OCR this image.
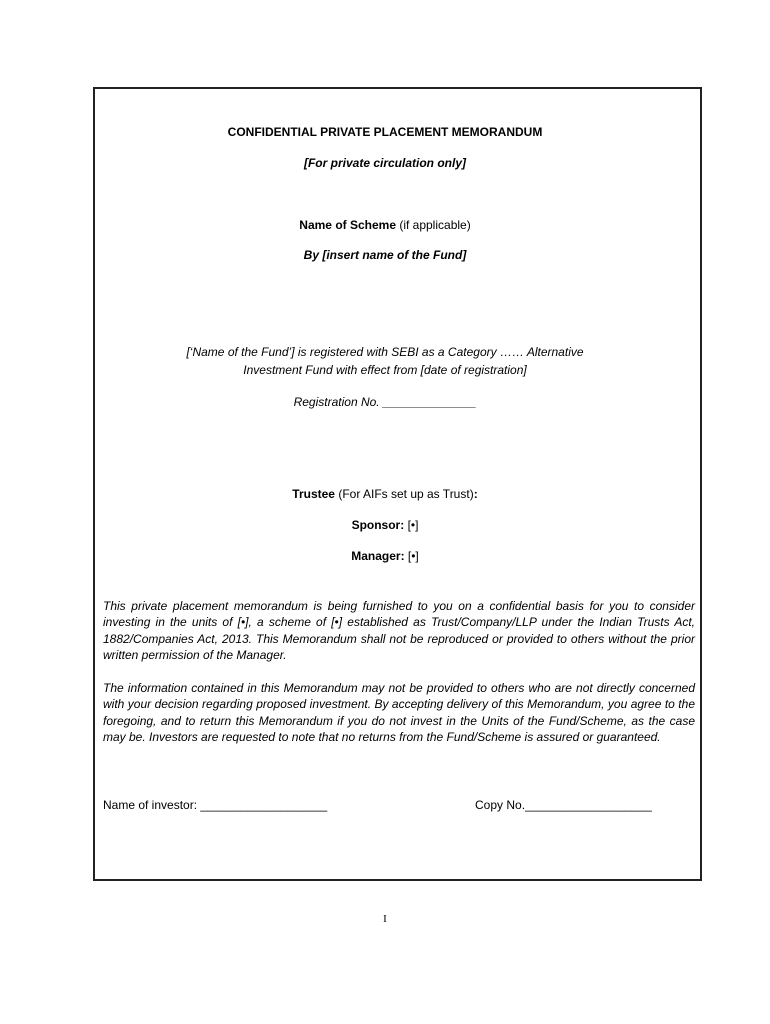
CONFIDENTIAL PRIVATE PLACEMENT MEMORANDUM
[For private circulation only]
Name of Scheme (if applicable)
By [insert name of the Fund]
[‘Name of the Fund’] is registered with SEBI as a Category …… Alternative
Investment Fund with effect from [date of registration]
Registration No. ______________
Trustee (For AIFs set up as Trust):
Sponsor: [•]
Manager: [•]

This private placement memorandum is being furnished to you on a confidential basis for you to consider investing in the units of [•], a scheme of [•] established as Trust/Company/LLP under the Indian Trusts Act, 1882/Companies Act, 2013. This Memorandum shall not be reproduced or provided to others without the prior written permission of the Manager.

The information contained in this Memorandum may not be provided to others who are not directly concerned with your decision regarding proposed investment. By accepting delivery of this Memorandum, you agree to the foregoing, and to return this Memorandum if you do not invest in the Units of the Fund/Scheme, as the case may be. Investors are requested to note that no returns from the Fund/Scheme is assured or guaranteed.

Name of investor: ___________________	Copy No.___________________
I
